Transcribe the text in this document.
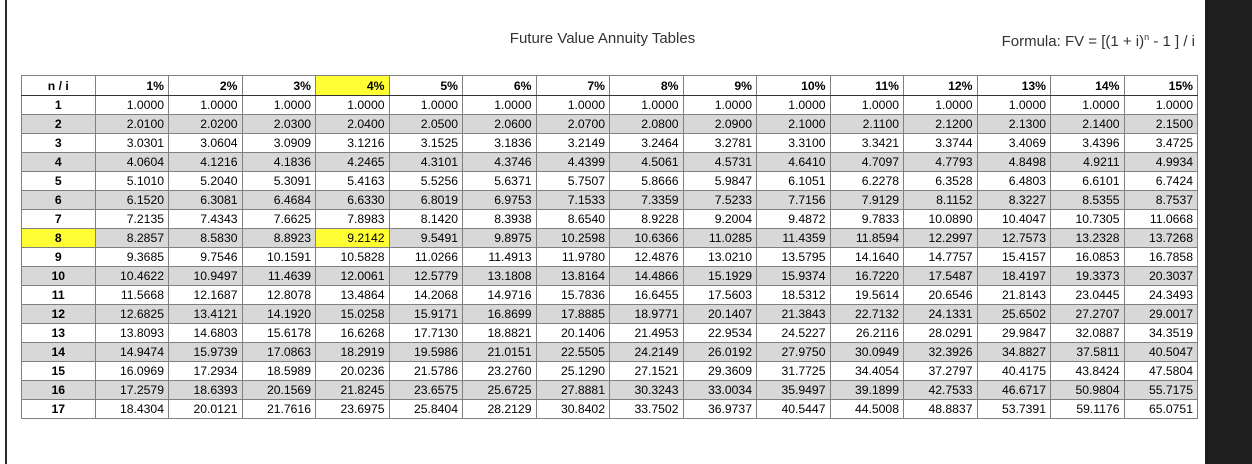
Future Value Annuity Tables	Formula: FV = [$(1 + i)^n - 1$ ] / i
n / i	1%	2%	3%	4%	5%	6%	7%	8%	9%	10%	11%	12%	13%	14%	15%
1	1.0000	1.0000	1.0000	1.0000	1.0000	1.0000	1.0000	1.0000	1.0000	1.0000	1.0000	1.0000	1.0000	1.0000	1.0000
2	2.0100	2.0200	2.0300	2.0400	2.0500	2.0600	2.0700	2.0800	2.0900	2.1000	2.1100	2.1200	2.1300	2.1400	2.1500
3	3.0301	3.0604	3.0909	3.1216	3.1525	3.1836	3.2149	3.2464	3.2781	3.3100	3.3421	3.3744	3.4069	3.4396	3.4725
4	4.0604	4.1216	4.1836	4.2465	4.3101	4.3746	4.4399	4.5061	4.5731	4.6410	4.7097	4.7793	4.8498	4.9211	4.9934
5	5.1010	5.2040	5.3091	5.4163	5.5256	5.6371	5.7507	5.8666	5.9847	6.1051	6.2278	6.3528	6.4803	6.6101	6.7424
6	6.1520	6.3081	6.4684	6.6330	6.8019	6.9753	7.1533	7.3359	7.5233	7.7156	7.9129	8.1152	8.3227	8.5355	8.7537
7	7.2135	7.4343	7.6625	7.8983	8.1420	8.3938	8.6540	8.9228	9.2004	9.4872	9.7833	10.0890	10.4047	10.7305	11.0668
8	8.2857	8.5830	8.8923	9.2142	9.5491	9.8975	10.2598	10.6366	11.0285	11.4359	11.8594	12.2997	12.7573	13.2328	13.7268
9	9.3685	9.7546	10.1591	10.5828	11.0266	11.4913	11.9780	12.4876	13.0210	13.5795	14.1640	14.7757	15.4157	16.0853	16.7858
10	10.4622	10.9497	11.4639	12.0061	12.5779	13.1808	13.8164	14.4866	15.1929	15.9374	16.7220	17.5487	18.4197	19.3373	20.3037
11	11.5668	12.1687	12.8078	13.4864	14.2068	14.9716	15.7836	16.6455	17.5603	18.5312	19.5614	20.6546	21.8143	23.0445	24.3493
12	12.6825	13.4121	14.1920	15.0258	15.9171	16.8699	17.8885	18.9771	20.1407	21.3843	22.7132	24.1331	25.6502	27.2707	29.0017
13	13.8093	14.6803	15.6178	16.6268	17.7130	18.8821	20.1406	21.4953	22.9534	24.5227	26.2116	28.0291	29.9847	32.0887	34.3519
14	14.9474	15.9739	17.0863	18.2919	19.5986	21.0151	22.5505	24.2149	26.0192	27.9750	30.0949	32.3926	34.8827	37.5811	40.5047
15	16.0969	17.2934	18.5989	20.0236	21.5786	23.2760	25.1290	27.1521	29.3609	31.7725	34.4054	37.2797	40.4175	43.8424	47.5804
16	17.2579	18.6393	20.1569	21.8245	23.6575	25.6725	27.8881	30.3243	33.0034	35.9497	39.1899	42.7533	46.6717	50.9804	55.7175
17	18.4304	20.0121	21.7616	23.6975	25.8404	28.2129	30.8402	33.7502	36.9737	40.5447	44.5008	48.8837	53.7391	59.1176	65.0751
